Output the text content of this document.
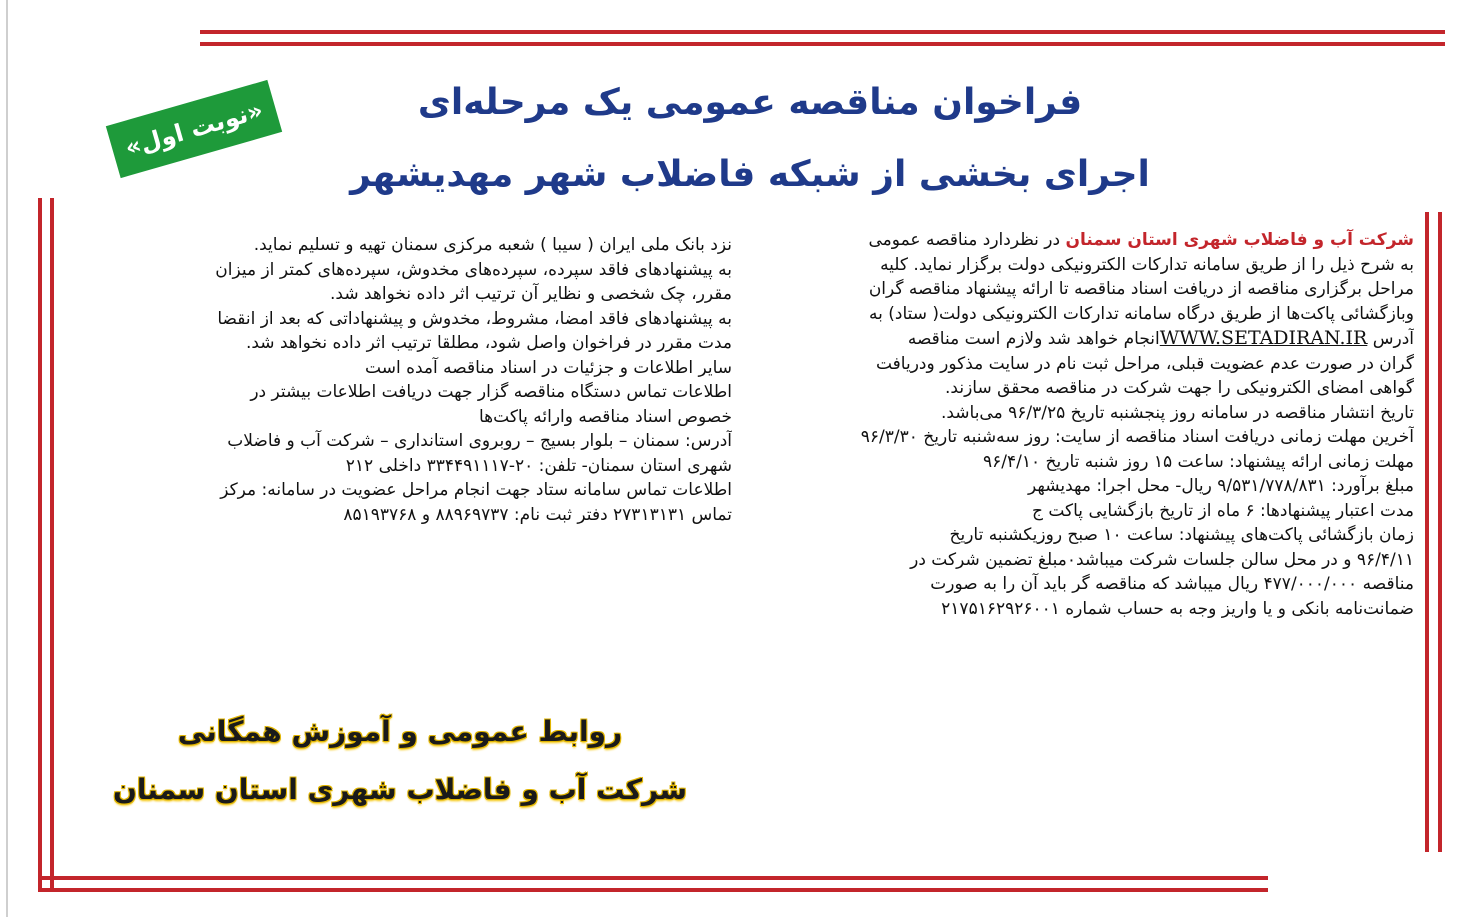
فراخوان مناقصه عمومی یک مرحله‌ای
اجرای بخشی از شبکه فاضلاب شهر مهدیشهر
«نوبت اول»

شرکت آب و فاضلاب شهری استان سمنان در نظردارد مناقصه عمومی

به شرح ذیل را از طریق سامانه تدارکات الکترونیکی دولت برگزار نماید. کلیه

مراحل برگزاری مناقصه از دریافت اسناد مناقصه تا ارائه پیشنهاد مناقصه گران

وبازگشائی پاکت‌ها از طریق درگاه سامانه تدارکات الکترونیکی دولت( ستاد) به

آدرس WWW.SETADIRAN.IRانجام خواهد شد ولازم است مناقصه

گران در صورت عدم عضویت قبلی، مراحل ثبت نام در سایت مذکور ودریافت

گواهی امضای الکترونیکی را جهت شرکت در مناقصه محقق سازند.

تاریخ انتشار مناقصه در سامانه روز پنجشنبه تاریخ ۹۶/۳/۲۵ می‌باشد.

آخرین مهلت زمانی دریافت اسناد مناقصه از سایت: روز سه‌شنبه تاریخ ۹۶/۳/۳۰

مهلت زمانی ارائه پیشنهاد: ساعت ۱۵ روز شنبه تاریخ ۹۶/۴/۱۰

مبلغ برآورد: ۹/۵۳۱/۷۷۸/۸۳۱ ریال- محل اجرا: مهدیشهر

مدت اعتبار پیشنهادها: ۶ ماه از تاریخ بازگشایی پاکت ج

زمان بازگشائی پاکت‌های پیشنهاد: ساعت ۱۰ صبح روزیکشنبه تاریخ

۹۶/۴/۱۱ و در محل سالن جلسات شرکت میباشد٠مبلغ تضمین شرکت در

مناقصه ۴۷۷/۰۰۰/۰۰۰ ریال میباشد که مناقصه گر باید آن را به صورت

ضمانت‌نامه بانکی و یا واریز وجه به حساب شماره ۲۱۷۵۱۶۲۹۲۶۰۰۱

نزد بانک ملی ایران ( سیبا ) شعبه مرکزی سمنان تهیه و تسلیم نماید.

به پیشنهادهای فاقد سپرده، سپرده‌های مخدوش، سپرده‌های کمتر از میزان

مقرر، چک شخصی و نظایر آن ترتیب اثر داده نخواهد شد.

به پیشنهادهای فاقد امضا، مشروط، مخدوش و پیشنهاداتی که بعد از انقضا

مدت مقرر در فراخوان واصل شود، مطلقا ترتیب اثر داده نخواهد شد.

سایر اطلاعات و جزئیات در اسناد مناقصه آمده است

اطلاعات تماس دستگاه مناقصه گزار جهت دریافت اطلاعات بیشتر در

خصوص اسناد مناقصه وارائه پاکت‌ها

آدرس: سمنان – بلوار بسیج – روبروی استانداری – شرکت آب و فاضلاب

شهری استان سمنان- تلفن: ۲۰-۳۳۴۴۹۱۱۱۷ داخلی ۲۱۲

اطلاعات تماس سامانه ستاد جهت انجام مراحل عضویت در سامانه: مرکز

تماس ۲۷۳۱۳۱۳۱ دفتر ثبت نام: ۸۸۹۶۹۷۳۷ و ۸۵۱۹۳۷۶۸

روابط عمومی و آموزش همگانی
شرکت آب و فاضلاب شهری استان سمنان
